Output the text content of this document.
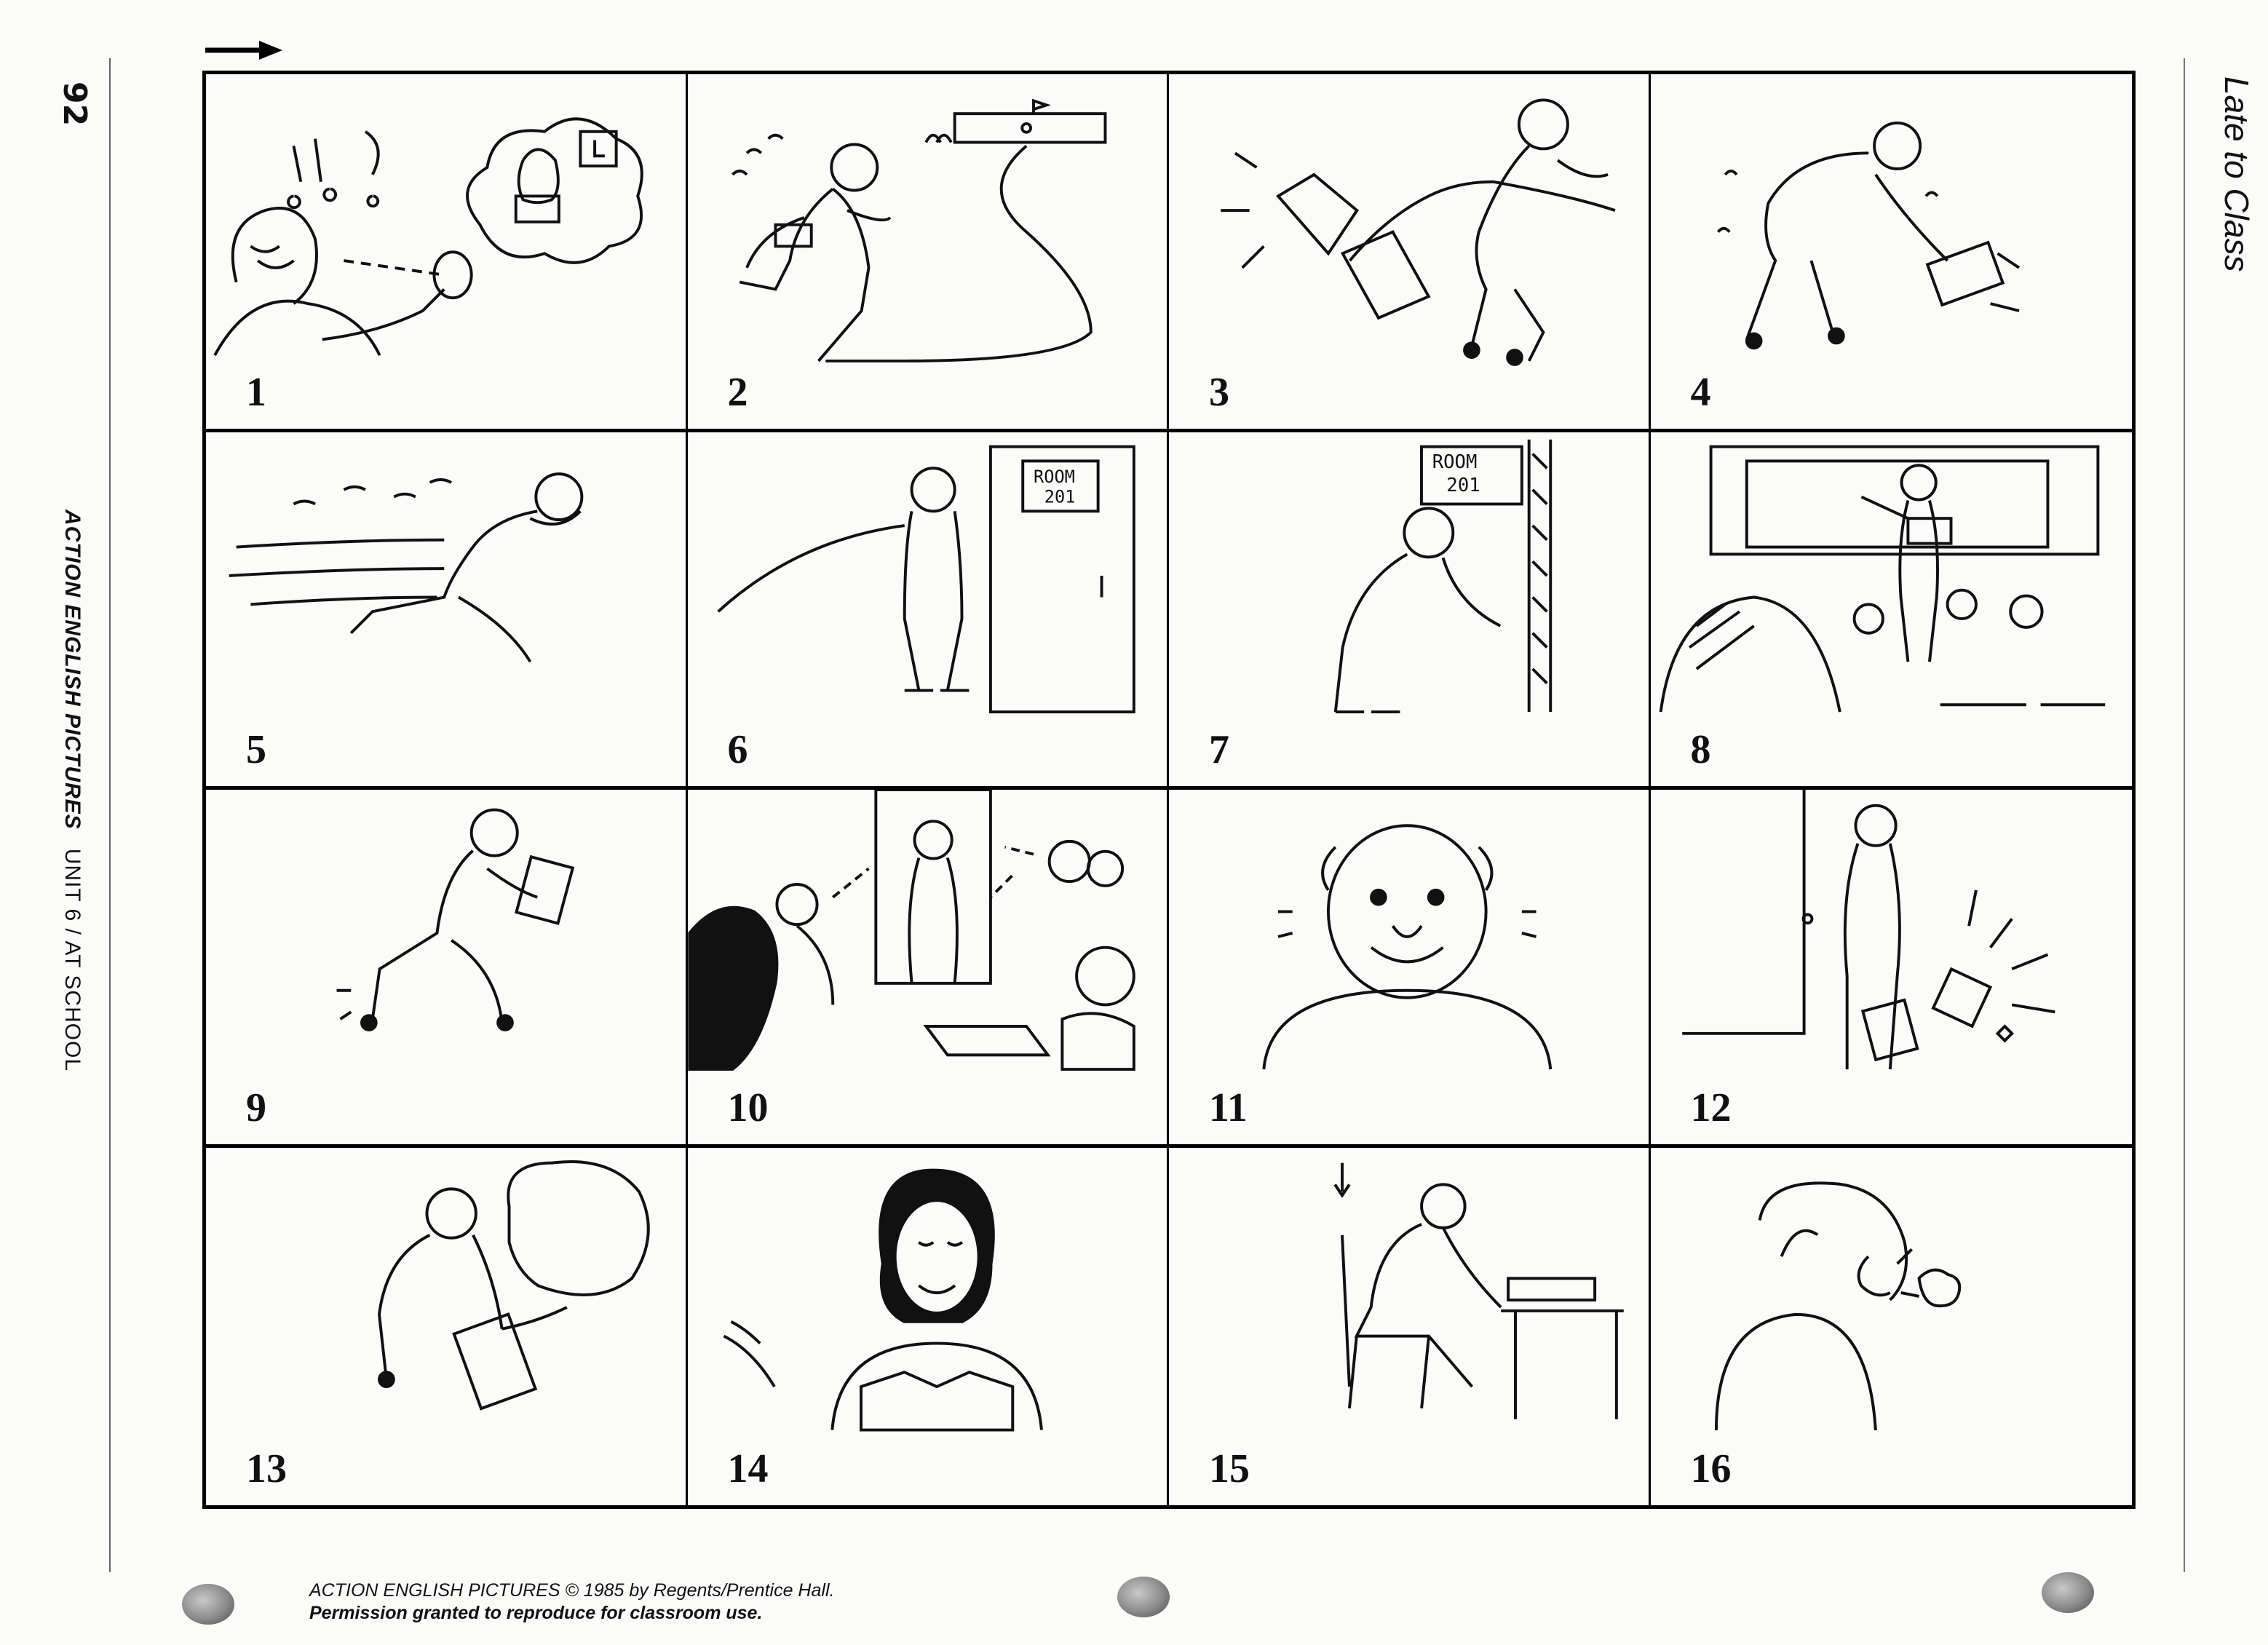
92
ACTION ENGLISH PICTURESUNIT 6 / AT SCHOOL
Late to Class
1	2	3	4
5
ROOM
201
6
ROOM
201
7	8
9	10	11	12
13	14	15	16
ACTION ENGLISH PICTURES © 1985 by Regents/Prentice Hall.
Permission granted to reproduce for classroom use.
